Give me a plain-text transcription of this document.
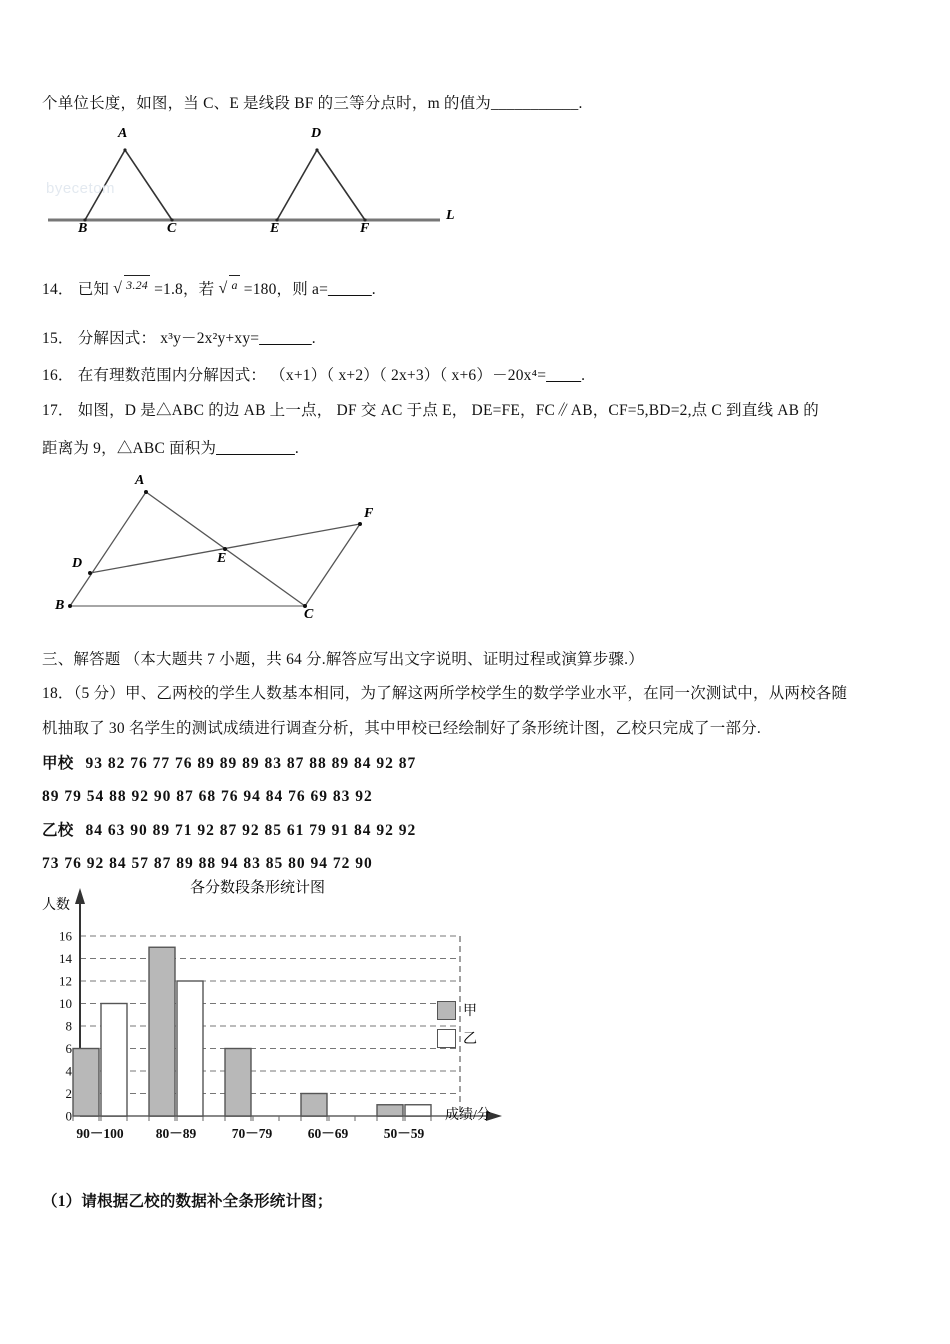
个单位长度，如图，当 C、E 是线段 BF 的三等分点时，m 的值为___________.
A
B	C
D
E	F
L
byecetom
14． 已知 √ 3.24 =1.8，若 √ a =180，则 a=_____.
15． 分解因式： x³y－2x²y+xy=______.
16． 在有理数范围内分解因式： （x+1）（ x+2）（ 2x+3）（ x+6）－20x⁴=____.
17． 如图，D 是△ABC 的边 AB 上一点， DF 交 AC 于点 E， DE=FE，FC∥AB，CF=5,BD=2,点 C 到直线 AB 的
距离为 9，△ABC 面积为_________.
A
B
C
D	E
F
三、解答题 （本大题共 7 小题，共 64 分.解答应写出文字说明、证明过程或演算步骤.）
18．（5 分）甲、乙两校的学生人数基本相同，为了解这两所学校学生的数学学业水平，在同一次测试中，从两校各随
机抽取了 30 名学生的测试成绩进行调查分析，其中甲校已经绘制好了条形统计图，乙校只完成了一部分.
甲校 93 82 76 77 76 89 89 89 83 87 88 89 84 92 87
89 79 54 88 92 90 87 68 76 94 84 76 69 83 92
乙校 84 63 90 89 71 92 87 92 85 61 79 91 84 92 92
73 76 92 84 57 87 89 88 94 83 85 80 94 72 90
各分数段条形统计图
人数
成绩/分
0
2
4
6
8
10
12
14
16
90－100 80－89	70－79	60－69	50－59
甲
乙
（1）请根据乙校的数据补全条形统计图；
